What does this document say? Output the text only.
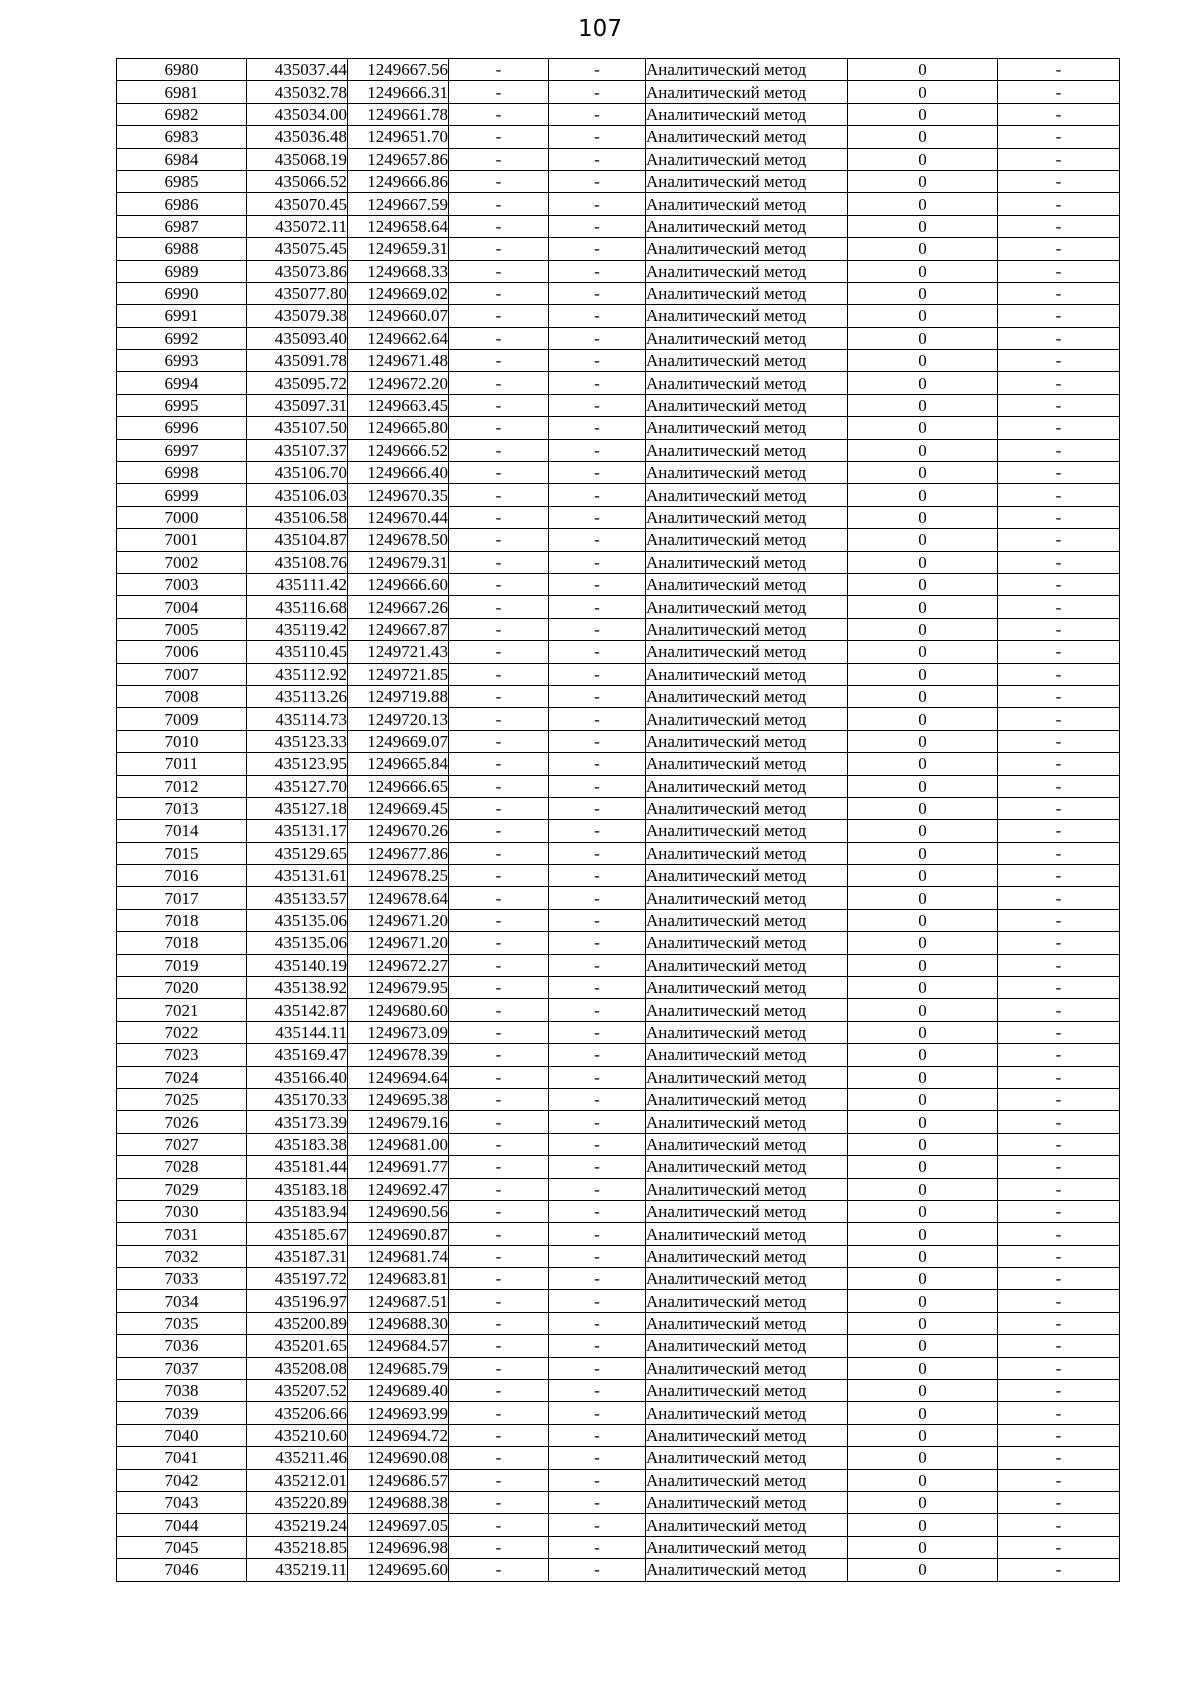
107
6980	435037.44	1249667.56	-	-	Аналитический метод	0	-
6981	435032.78	1249666.31	-	-	Аналитический метод	0	-
6982	435034.00	1249661.78	-	-	Аналитический метод	0	-
6983	435036.48	1249651.70	-	-	Аналитический метод	0	-
6984	435068.19	1249657.86	-	-	Аналитический метод	0	-
6985	435066.52	1249666.86	-	-	Аналитический метод	0	-
6986	435070.45	1249667.59	-	-	Аналитический метод	0	-
6987	435072.11	1249658.64	-	-	Аналитический метод	0	-
6988	435075.45	1249659.31	-	-	Аналитический метод	0	-
6989	435073.86	1249668.33	-	-	Аналитический метод	0	-
6990	435077.80	1249669.02	-	-	Аналитический метод	0	-
6991	435079.38	1249660.07	-	-	Аналитический метод	0	-
6992	435093.40	1249662.64	-	-	Аналитический метод	0	-
6993	435091.78	1249671.48	-	-	Аналитический метод	0	-
6994	435095.72	1249672.20	-	-	Аналитический метод	0	-
6995	435097.31	1249663.45	-	-	Аналитический метод	0	-
6996	435107.50	1249665.80	-	-	Аналитический метод	0	-
6997	435107.37	1249666.52	-	-	Аналитический метод	0	-
6998	435106.70	1249666.40	-	-	Аналитический метод	0	-
6999	435106.03	1249670.35	-	-	Аналитический метод	0	-
7000	435106.58	1249670.44	-	-	Аналитический метод	0	-
7001	435104.87	1249678.50	-	-	Аналитический метод	0	-
7002	435108.76	1249679.31	-	-	Аналитический метод	0	-
7003	435111.42	1249666.60	-	-	Аналитический метод	0	-
7004	435116.68	1249667.26	-	-	Аналитический метод	0	-
7005	435119.42	1249667.87	-	-	Аналитический метод	0	-
7006	435110.45	1249721.43	-	-	Аналитический метод	0	-
7007	435112.92	1249721.85	-	-	Аналитический метод	0	-
7008	435113.26	1249719.88	-	-	Аналитический метод	0	-
7009	435114.73	1249720.13	-	-	Аналитический метод	0	-
7010	435123.33	1249669.07	-	-	Аналитический метод	0	-
7011	435123.95	1249665.84	-	-	Аналитический метод	0	-
7012	435127.70	1249666.65	-	-	Аналитический метод	0	-
7013	435127.18	1249669.45	-	-	Аналитический метод	0	-
7014	435131.17	1249670.26	-	-	Аналитический метод	0	-
7015	435129.65	1249677.86	-	-	Аналитический метод	0	-
7016	435131.61	1249678.25	-	-	Аналитический метод	0	-
7017	435133.57	1249678.64	-	-	Аналитический метод	0	-
7018	435135.06	1249671.20	-	-	Аналитический метод	0	-
7018	435135.06	1249671.20	-	-	Аналитический метод	0	-
7019	435140.19	1249672.27	-	-	Аналитический метод	0	-
7020	435138.92	1249679.95	-	-	Аналитический метод	0	-
7021	435142.87	1249680.60	-	-	Аналитический метод	0	-
7022	435144.11	1249673.09	-	-	Аналитический метод	0	-
7023	435169.47	1249678.39	-	-	Аналитический метод	0	-
7024	435166.40	1249694.64	-	-	Аналитический метод	0	-
7025	435170.33	1249695.38	-	-	Аналитический метод	0	-
7026	435173.39	1249679.16	-	-	Аналитический метод	0	-
7027	435183.38	1249681.00	-	-	Аналитический метод	0	-
7028	435181.44	1249691.77	-	-	Аналитический метод	0	-
7029	435183.18	1249692.47	-	-	Аналитический метод	0	-
7030	435183.94	1249690.56	-	-	Аналитический метод	0	-
7031	435185.67	1249690.87	-	-	Аналитический метод	0	-
7032	435187.31	1249681.74	-	-	Аналитический метод	0	-
7033	435197.72	1249683.81	-	-	Аналитический метод	0	-
7034	435196.97	1249687.51	-	-	Аналитический метод	0	-
7035	435200.89	1249688.30	-	-	Аналитический метод	0	-
7036	435201.65	1249684.57	-	-	Аналитический метод	0	-
7037	435208.08	1249685.79	-	-	Аналитический метод	0	-
7038	435207.52	1249689.40	-	-	Аналитический метод	0	-
7039	435206.66	1249693.99	-	-	Аналитический метод	0	-
7040	435210.60	1249694.72	-	-	Аналитический метод	0	-
7041	435211.46	1249690.08	-	-	Аналитический метод	0	-
7042	435212.01	1249686.57	-	-	Аналитический метод	0	-
7043	435220.89	1249688.38	-	-	Аналитический метод	0	-
7044	435219.24	1249697.05	-	-	Аналитический метод	0	-
7045	435218.85	1249696.98	-	-	Аналитический метод	0	-
7046	435219.11	1249695.60	-	-	Аналитический метод	0	-
